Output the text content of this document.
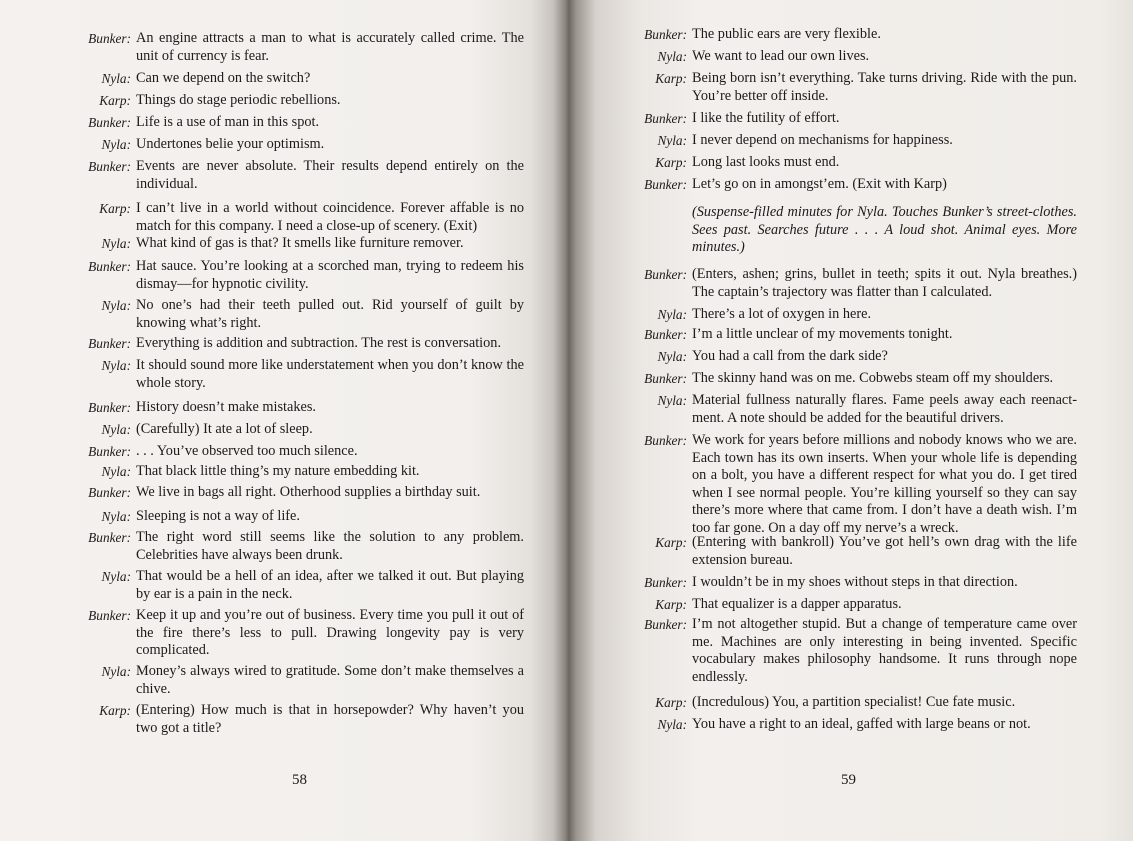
Bunker: An engine attracts a man to what is accurately called crime. The unit of currency is fear.
Nyla: Can we depend on the switch?
Karp: Things do stage periodic rebellions.
Bunker: Life is a use of man in this spot.
Nyla: Undertones belie your optimism.
Bunker: Events are never absolute. Their results depend entirely on the individual.
Karp: I can’t live in a world without coincidence. Forever affable is no match for this company. I need a close-up of scenery. (Exit)
Nyla: What kind of gas is that? It smells like furniture remover.
Bunker: Hat sauce. You’re looking at a scorched man, trying to redeem his dismay—for hypnotic civility.
Nyla: No one’s had their teeth pulled out. Rid yourself of guilt by knowing what’s right.
Bunker: Everything is addition and subtraction. The rest is conversation.
Nyla: It should sound more like understatement when you don’t know the whole story.
Bunker: History doesn’t make mistakes.
Nyla: (Carefully) It ate a lot of sleep.
Bunker: . . . You’ve observed too much silence.
Nyla: That black little thing’s my nature embedding kit.
Bunker: We live in bags all right. Otherhood supplies a birthday suit.
Nyla: Sleeping is not a way of life.
Bunker: The right word still seems like the solution to any problem. Celebrities have always been drunk.
Nyla: That would be a hell of an idea, after we talked it out. But playing by ear is a pain in the neck.
Bunker: Keep it up and you’re out of business. Every time you pull it out of the fire there’s less to pull. Drawing longevity pay is very complicated.
Nyla: Money’s always wired to gratitude. Some don’t make themselves a chive.
Karp: (Entering) How much is that in horsepowder? Why haven’t you two got a title?
58
Bunker: The public ears are very flexible.
Nyla: We want to lead our own lives.
Karp: Being born isn’t everything. Take turns driving. Ride with the pun. You’re better off inside.
Bunker: I like the futility of effort.
Nyla: I never depend on mechanisms for happiness.
Karp: Long last looks must end.
Bunker: Let’s go on in amongst’em. (Exit with Karp)
(Suspense-filled minutes for Nyla. Touches Bunker’s street-clothes. Sees past. Searches future . . . A loud shot. Animal eyes. More minutes.)
Bunker: (Enters, ashen; grins, bullet in teeth; spits it out. Nyla breathes.) The captain’s trajectory was flatter than I calculated.
Nyla: There’s a lot of oxygen in here.
Bunker: I’m a little unclear of my movements tonight.
Nyla: You had a call from the dark side?
Bunker: The skinny hand was on me. Cobwebs steam off my shoulders.
Nyla: Material fullness naturally flares. Fame peels away each reenact-ment. A note should be added for the beautiful drivers.
Bunker: We work for years before millions and nobody knows who we are. Each town has its own inserts. When your whole life is depending on a bolt, you have a different respect for what you do. I get tired when I see normal people. You’re killing yourself so they can say there’s more where that came from. I don’t have a death wish. I’m too far gone. On a day off my nerve’s a wreck.
Karp: (Entering with bankroll) You’ve got hell’s own drag with the life extension bureau.
Bunker: I wouldn’t be in my shoes without steps in that direction.
Karp: That equalizer is a dapper apparatus.
Bunker: I’m not altogether stupid. But a change of temperature came over me. Machines are only interesting in being invented. Specific vocabulary makes philosophy handsome. It runs through nope endlessly.
Karp: (Incredulous) You, a partition specialist! Cue fate music.
Nyla: You have a right to an ideal, gaffed with large beans or not.
59
